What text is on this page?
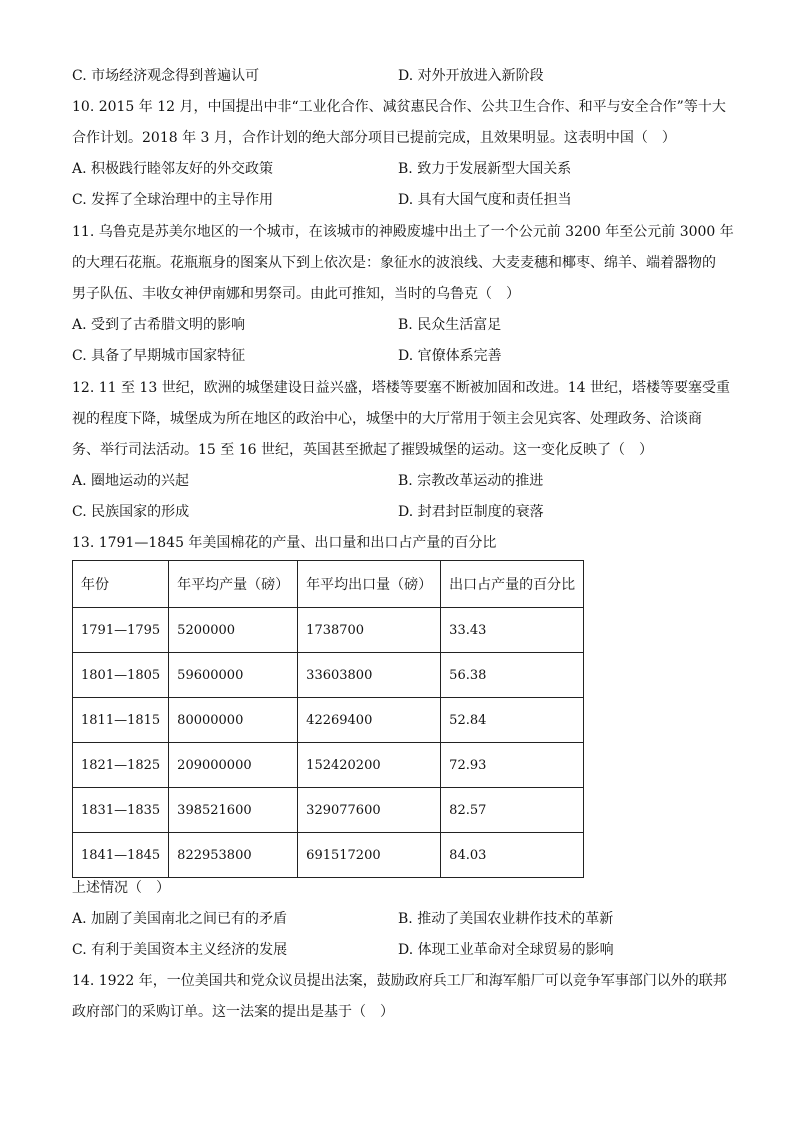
C. 市场经济观念得到普遍认可	D. 对外开放进入新阶段
10. 2015 年 12 月，中国提出中非“工业化合作、减贫惠民合作、公共卫生合作、和平与安全合作”等十大
合作计划。2018 年 3 月，合作计划的绝大部分项目已提前完成，且效果明显。这表明中国（　）
A. 积极践行睦邻友好的外交政策	B. 致力于发展新型大国关系
C. 发挥了全球治理中的主导作用	D. 具有大国气度和责任担当
11. 乌鲁克是苏美尔地区的一个城市，在该城市的神殿废墟中出土了一个公元前 3200 年至公元前 3000 年
的大理石花瓶。花瓶瓶身的图案从下到上依次是：象征水的波浪线、大麦麦穗和椰枣、绵羊、端着器物的
男子队伍、丰收女神伊南娜和男祭司。由此可推知，当时的乌鲁克（　）
A. 受到了古希腊文明的影响	B. 民众生活富足
C. 具备了早期城市国家特征	D. 官僚体系完善
12. 11 至 13 世纪，欧洲的城堡建设日益兴盛，塔楼等要塞不断被加固和改进。14 世纪，塔楼等要塞受重
视的程度下降，城堡成为所在地区的政治中心，城堡中的大厅常用于领主会见宾客、处理政务、洽谈商
务、举行司法活动。15 至 16 世纪，英国甚至掀起了摧毁城堡的运动。这一变化反映了（　）
A. 圈地运动的兴起	B. 宗教改革运动的推进
C. 民族国家的形成	D. 封君封臣制度的衰落
13. 1791—1845 年美国棉花的产量、出口量和出口占产量的百分比
年份	年平均产量（磅）	年平均出口量（磅）	出口占产量的百分比
1791—1795	5200000	1738700	33.43
1801—1805	59600000	33603800	56.38
1811—1815	80000000	42269400	52.84
1821—1825	209000000	152420200	72.93
1831—1835	398521600	329077600	82.57
1841—1845	822953800	691517200	84.03
上述情况（　）
A. 加剧了美国南北之间已有的矛盾	B. 推动了美国农业耕作技术的革新
C. 有利于美国资本主义经济的发展	D. 体现工业革命对全球贸易的影响
14. 1922 年，一位美国共和党众议员提出法案，鼓励政府兵工厂和海军船厂可以竞争军事部门以外的联邦
政府部门的采购订单。这一法案的提出是基于（　）
